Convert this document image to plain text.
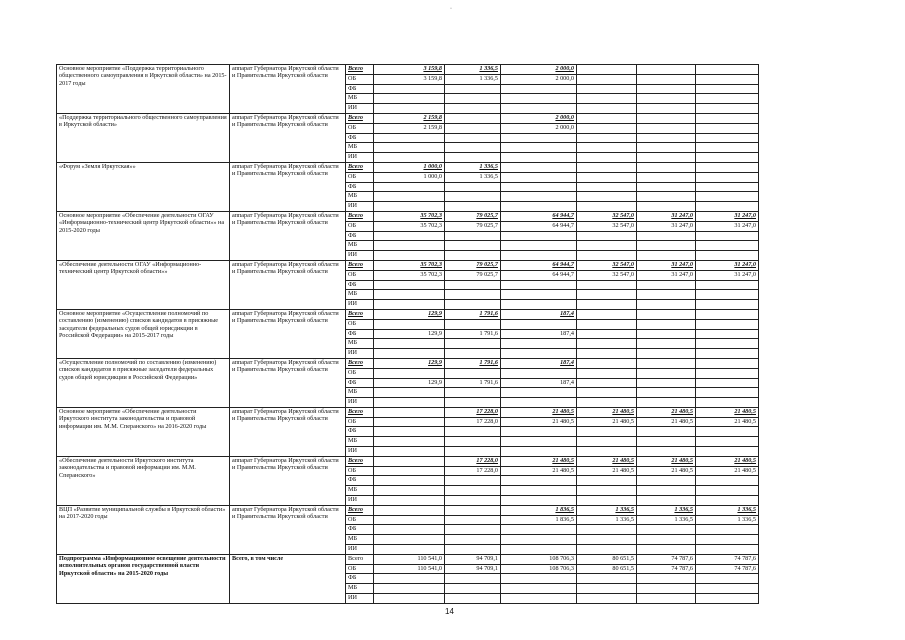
·
Основное мероприятие «Поддержка территориального общественного самоуправления в Иркутской области» на 2015-2017 годы	аппарат Губернатора Иркутской области и Правительства Иркутской области	Всего	3 159,8	1 336,5	2 000,0			
		ОБ	3 159,8	1 336,5	2 000,0			
		ФБ						
		МБ						
		ИИ						
«Поддержка территориального общественного самоуправления в Иркутской области»	аппарат Губернатора Иркутской области и Правительства Иркутской области	Всего	2 159,8		2 000,0			
		ОБ	2 159,8		2 000,0			
		ФБ						
		МБ						
		ИИ						
«Форум «Земля Иркутская»»	аппарат Губернатора Иркутской области и Правительства Иркутской области	Всего	1 000,0	1 336,5				
		ОБ	1 000,0	1 336,5				
		ФБ						
		МБ						
		ИИ						
Основное мероприятие «Обеспечение деятельности ОГАУ «Информационно-технический центр Иркутской области»» на 2015-2020 годы	аппарат Губернатора Иркутской области и Правительства Иркутской области	Всего	35 702,3	79 025,7	64 944,7	32 547,0	31 247,0	31 247,0
		ОБ	35 702,3	79 025,7	64 944,7	32 547,0	31 247,0	31 247,0
		ФБ						
		МБ						
		ИИ						
«Обеспечение деятельности ОГАУ «Информационно-технический центр Иркутской области»»	аппарат Губернатора Иркутской области и Правительства Иркутской области	Всего	35 702,3	79 025,7	64 944,7	32 547,0	31 247,0	31 247,0
		ОБ	35 702,3	79 025,7	64 944,7	32 547,0	31 247,0	31 247,0
		ФБ						
		МБ						
		ИИ						
Основное мероприятие «Осуществление полномочий по составлению (изменению) списков кандидатов в присяжные заседатели федеральных судов общей юрисдикции в Российской Федерации» на 2015-2017 годы	аппарат Губернатора Иркутской области и Правительства Иркутской области	Всего	129,9	1 791,6	187,4			
		ОБ						
		ФБ	129,9	1 791,6	187,4			
		МБ						
		ИИ						
«Осуществление полномочий по составлению (изменению) списков кандидатов в присяжные заседатели федеральных судов общей юрисдикции в Российской Федерации»	аппарат Губернатора Иркутской области и Правительства Иркутской области	Всего	129,9	1 791,6	187,4			
		ОБ						
		ФБ	129,9	1 791,6	187,4			
		МБ						
		ИИ						
Основное мероприятие «Обеспечение деятельности Иркутского института законодательства и правовой информации им. М.М. Сперанского» на 2016-2020 годы	аппарат Губернатора Иркутской области и Правительства Иркутской области	Всего		17 228,0	21 480,5	21 480,5	21 480,5	21 480,5
		ОБ		17 228,0	21 480,5	21 480,5	21 480,5	21 480,5
		ФБ						
		МБ						
		ИИ						
«Обеспечение деятельности Иркутского института законодательства и правовой информации им. М.М. Сперанского»	аппарат Губернатора Иркутской области и Правительства Иркутской области	Всего		17 228,0	21 480,5	21 480,5	21 480,5	21 480,5
		ОБ		17 228,0	21 480,5	21 480,5	21 480,5	21 480,5
		ФБ						
		МБ						
		ИИ						
ВЦП «Развитие муниципальной службы в Иркутской области» на 2017-2020 годы	аппарат Губернатора Иркутской области и Правительства Иркутской области	Всего			1 836,5	1 336,5	1 336,5	1 336,5
		ОБ			1 836,5	1 336,5	1 336,5	1 336,5
		ФБ						
		МБ						
		ИИ						
Подпрограмма «Информационное освещение деятельности исполнительных органов государственной власти Иркутской области» на 2015-2020 годы	Всего, в том числе	Всего	110 541,0	94 709,1	108 706,3	80 651,5	74 787,6	74 787,6
		ОБ	110 541,0	94 709,1	108 706,3	80 651,5	74 787,6	74 787,6
		ФБ						
		МБ						
		ИИ						
14
